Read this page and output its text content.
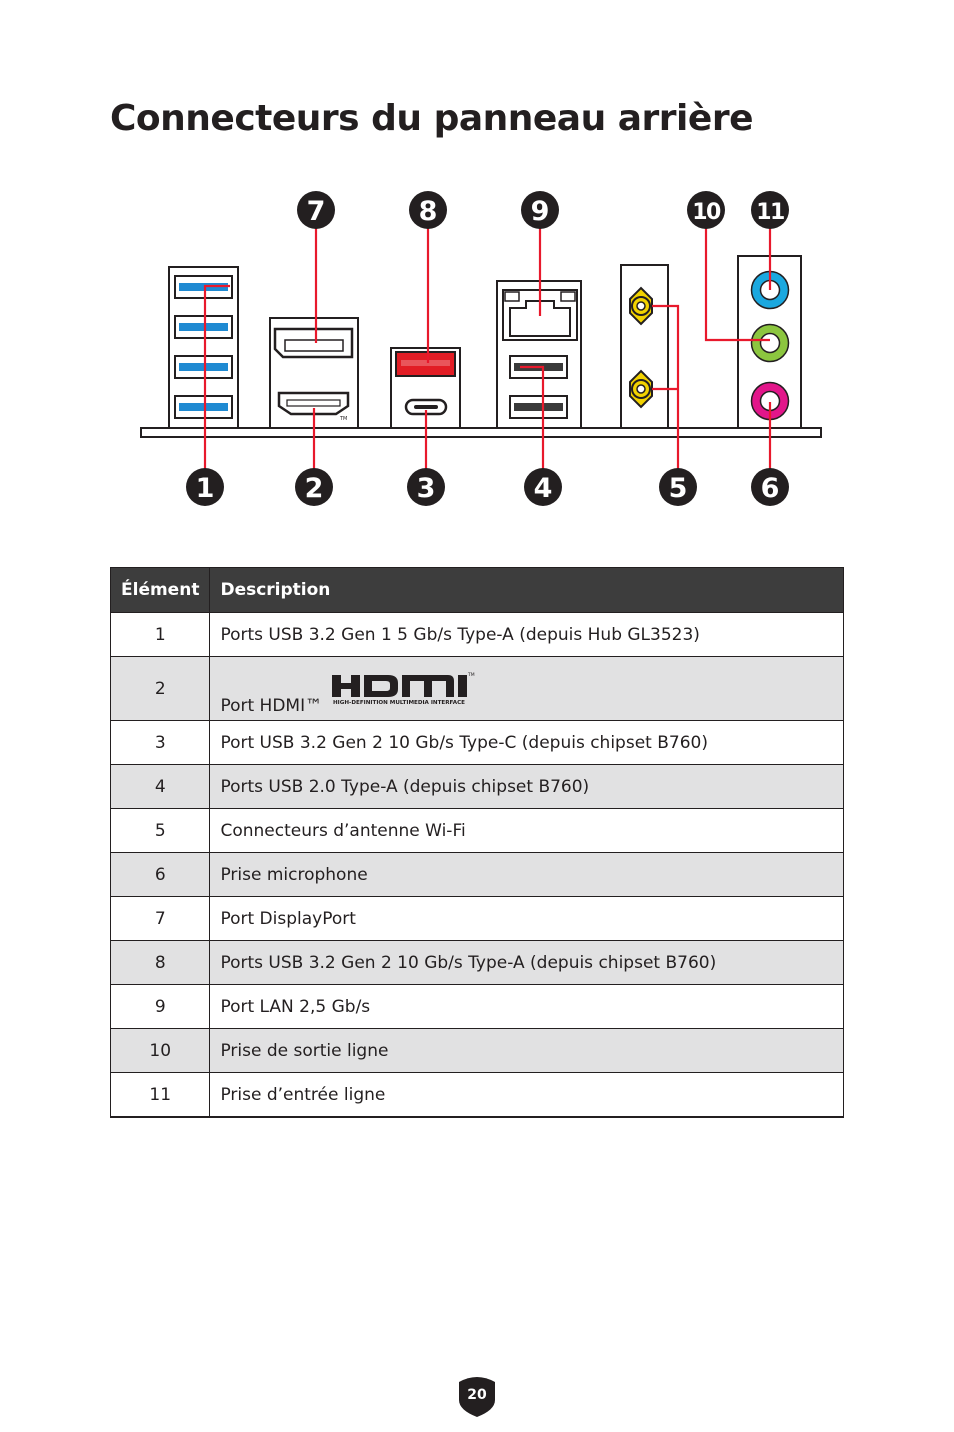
Connecteurs du panneau arrière
TM
7	8	9	10 11
1	2	3	4	5	6
Élément	Description
1	Ports USB 3.2 Gen 1 5 Gb/s Type-A (depuis Hub GL3523)
2	Port HDMI™
TM
HIGH-DEFINITION MULTIMEDIA INTERFACE

3	Port USB 3.2 Gen 2 10 Gb/s Type-C (depuis chipset B760)
4	Ports USB 2.0 Type-A (depuis chipset B760)
5	Connecteurs d’antenne Wi-Fi
6	Prise microphone
7	Port DisplayPort
8	Ports USB 3.2 Gen 2 10 Gb/s Type-A (depuis chipset B760)
9	Port LAN 2,5 Gb/s
10	Prise de sortie ligne
11	Prise d’entrée ligne
20
